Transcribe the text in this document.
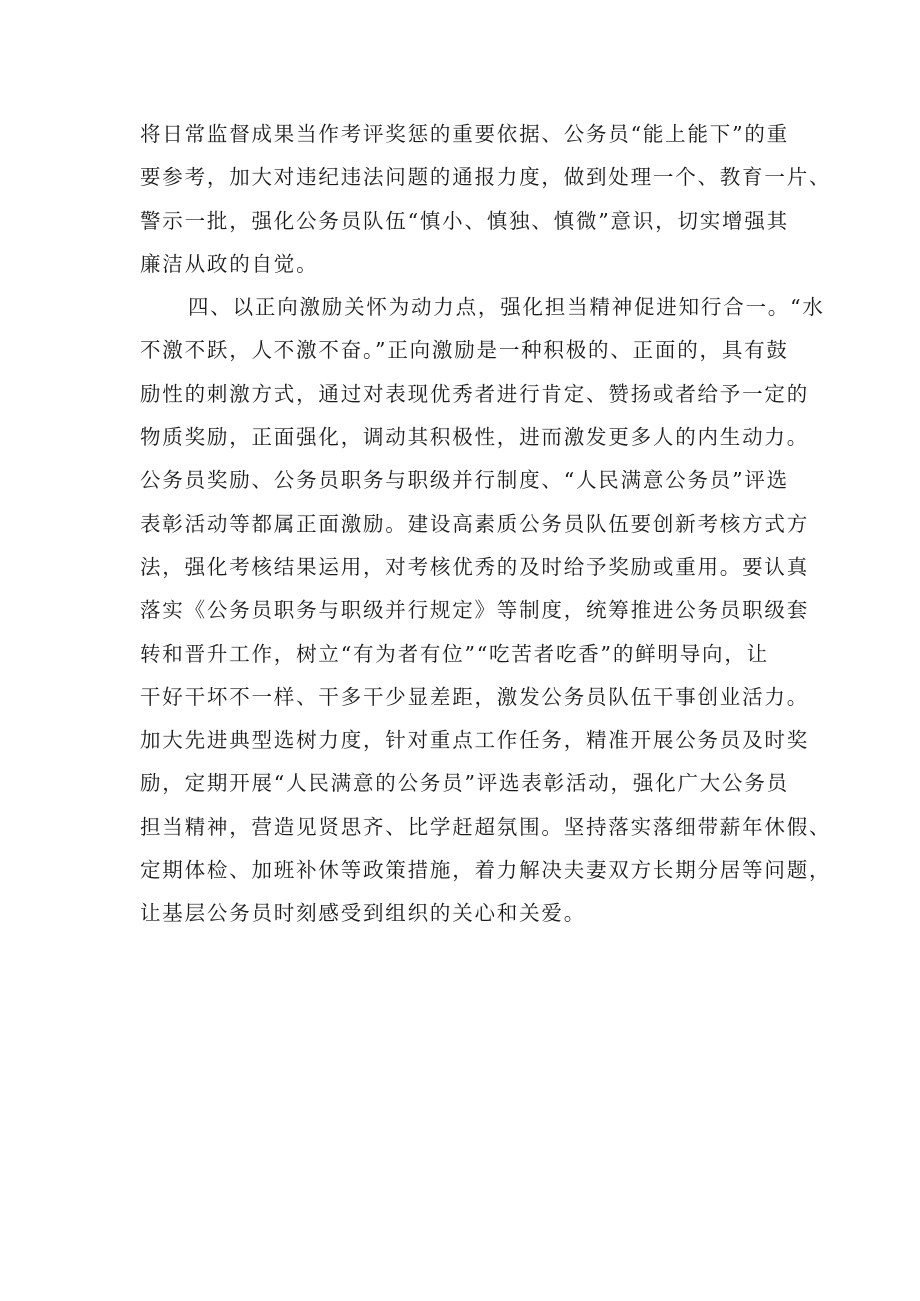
将日常监督成果当作考评奖惩的重要依据、公务员“能上能下”的重
要参考，加大对违纪违法问题的通报力度，做到处理一个、教育一片、
警示一批，强化公务员队伍“慎小、慎独、慎微”意识，切实增强其
廉洁从政的自觉。
四、以正向激励关怀为动力点，强化担当精神促进知行合一。“水
不激不跃，人不激不奋。”正向激励是一种积极的、正面的，具有鼓
励性的刺激方式，通过对表现优秀者进行肯定、赞扬或者给予一定的
物质奖励，正面强化，调动其积极性，进而激发更多人的内生动力。
公务员奖励、公务员职务与职级并行制度、“人民满意公务员”评选
表彰活动等都属正面激励。建设高素质公务员队伍要创新考核方式方
法，强化考核结果运用，对考核优秀的及时给予奖励或重用。要认真
落实《公务员职务与职级并行规定》等制度，统筹推进公务员职级套
转和晋升工作，树立“有为者有位”“吃苦者吃香”的鲜明导向，让
干好干坏不一样、干多干少显差距，激发公务员队伍干事创业活力。
加大先进典型选树力度，针对重点工作任务，精准开展公务员及时奖
励，定期开展“人民满意的公务员”评选表彰活动，强化广大公务员
担当精神，营造见贤思齐、比学赶超氛围。坚持落实落细带薪年休假、
定期体检、加班补休等政策措施，着力解决夫妻双方长期分居等问题，
让基层公务员时刻感受到组织的关心和关爱。
